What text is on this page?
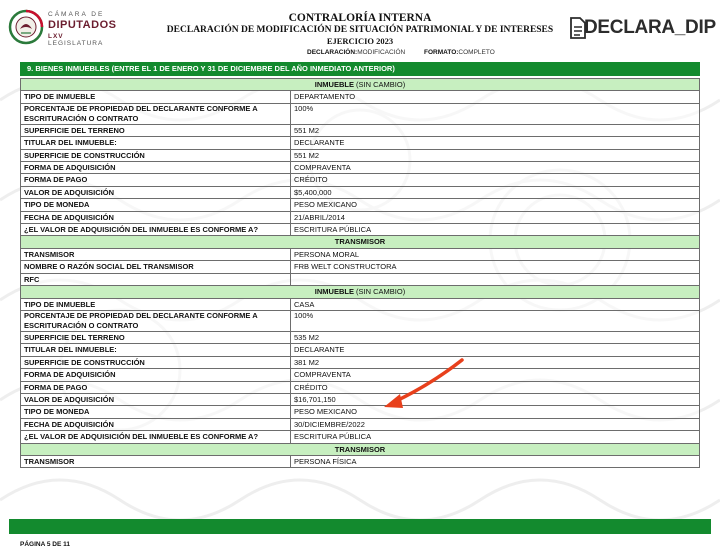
CÁMARA DE
DIPUTADOS
LXV LEGISLATURA
CONTRALORÍA INTERNA
DECLARACIÓN DE MODIFICACIÓN DE SITUACIÓN PATRIMONIAL Y DE INTERESES
EJERCICIO 2023
DECLARA_DIP
DECLARACIÓN:MODIFICACIÓN	FORMATO:COMPLETO
9. BIENES INMUEBLES (ENTRE EL 1 DE ENERO Y 31 DE DICIEMBRE DEL AÑO INMEDIATO ANTERIOR)
INMUEBLE (SIN CAMBIO)	
TIPO DE INMUEBLE	DEPARTAMENTO
PORCENTAJE DE PROPIEDAD DEL DECLARANTE CONFORME A ESCRITURACIÓN O CONTRATO	100%
SUPERFICIE DEL TERRENO	551 M2
TITULAR DEL INMUEBLE:	DECLARANTE
SUPERFICIE DE CONSTRUCCIÓN	551 M2
FORMA DE ADQUISICIÓN	COMPRAVENTA
FORMA DE PAGO	CRÉDITO
VALOR DE ADQUISICIÓN	$5,400,000
TIPO DE MONEDA	PESO MEXICANO
FECHA DE ADQUISICIÓN	21/ABRIL/2014
¿EL VALOR DE ADQUISICIÓN DEL INMUEBLE ES CONFORME A?	ESCRITURA PÚBLICA
TRANSMISOR	
TRANSMISOR	PERSONA MORAL
NOMBRE O RAZÓN SOCIAL DEL TRANSMISOR	FRB WELT CONSTRUCTORA
RFC	
INMUEBLE (SIN CAMBIO)	
TIPO DE INMUEBLE	CASA
PORCENTAJE DE PROPIEDAD DEL DECLARANTE CONFORME A ESCRITURACIÓN O CONTRATO	100%
SUPERFICIE DEL TERRENO	535 M2
TITULAR DEL INMUEBLE:	DECLARANTE
SUPERFICIE DE CONSTRUCCIÓN	381 M2
FORMA DE ADQUISICIÓN	COMPRAVENTA
FORMA DE PAGO	CRÉDITO
VALOR DE ADQUISICIÓN	$16,701,150
TIPO DE MONEDA	PESO MEXICANO
FECHA DE ADQUISICIÓN	30/DICIEMBRE/2022
¿EL VALOR DE ADQUISICIÓN DEL INMUEBLE ES CONFORME A?	ESCRITURA PÚBLICA
TRANSMISOR	
TRANSMISOR	PERSONA FÍSICA
PÁGINA 5 DE 11
